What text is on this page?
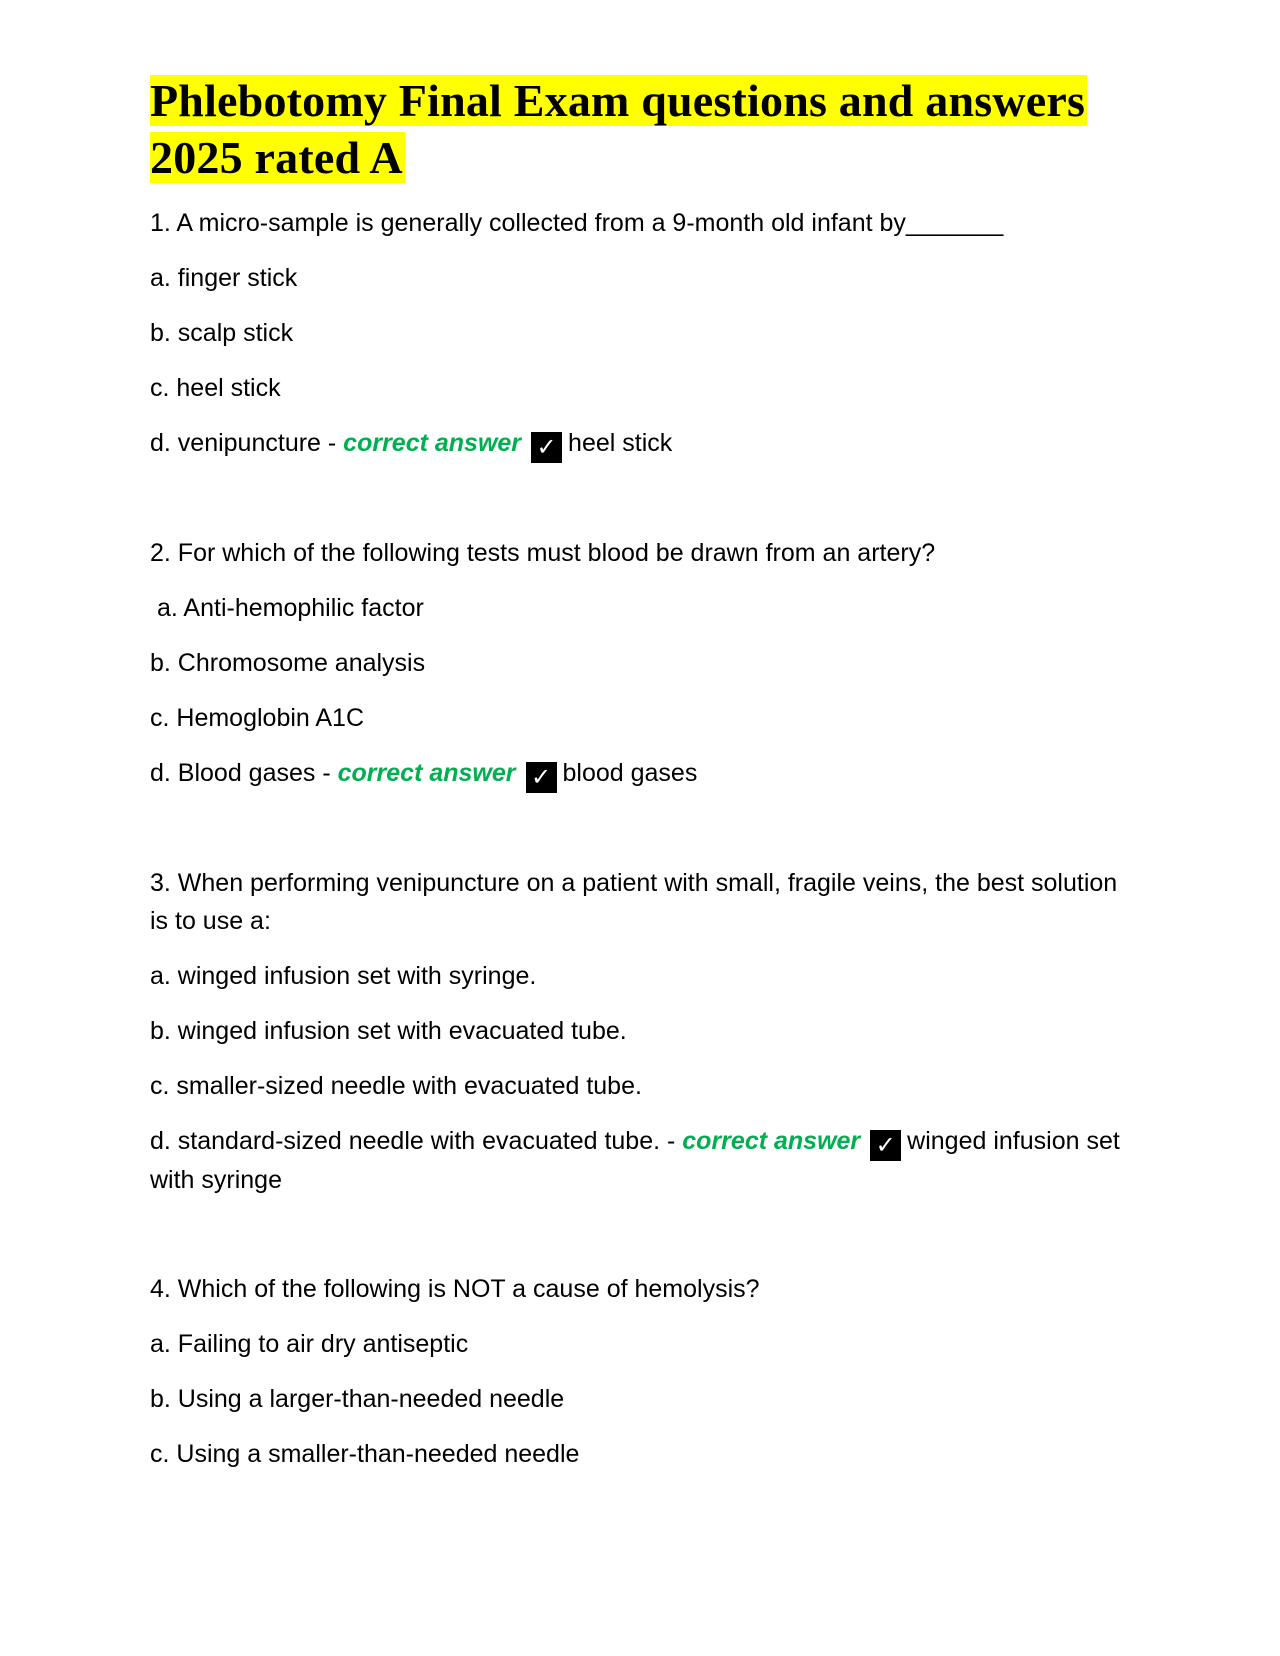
Phlebotomy Final Exam questions and answers 2025 rated A

1. A micro-sample is generally collected from a 9-month old infant by_______

a. finger stick

b. scalp stick

c. heel stick

d. venipuncture - correct answer ✓ heel stick

2. For which of the following tests must blood be drawn from an artery?

a. Anti-hemophilic factor

b. Chromosome analysis

c. Hemoglobin A1C

d. Blood gases - correct answer ✓ blood gases

3. When performing venipuncture on a patient with small, fragile veins, the best solution is to use a:

a. winged infusion set with syringe.

b. winged infusion set with evacuated tube.

c. smaller-sized needle with evacuated tube.

d. standard-sized needle with evacuated tube. - correct answer ✓ winged infusion set with syringe

4. Which of the following is NOT a cause of hemolysis?

a. Failing to air dry antiseptic

b. Using a larger-than-needed needle

c. Using a smaller-than-needed needle
